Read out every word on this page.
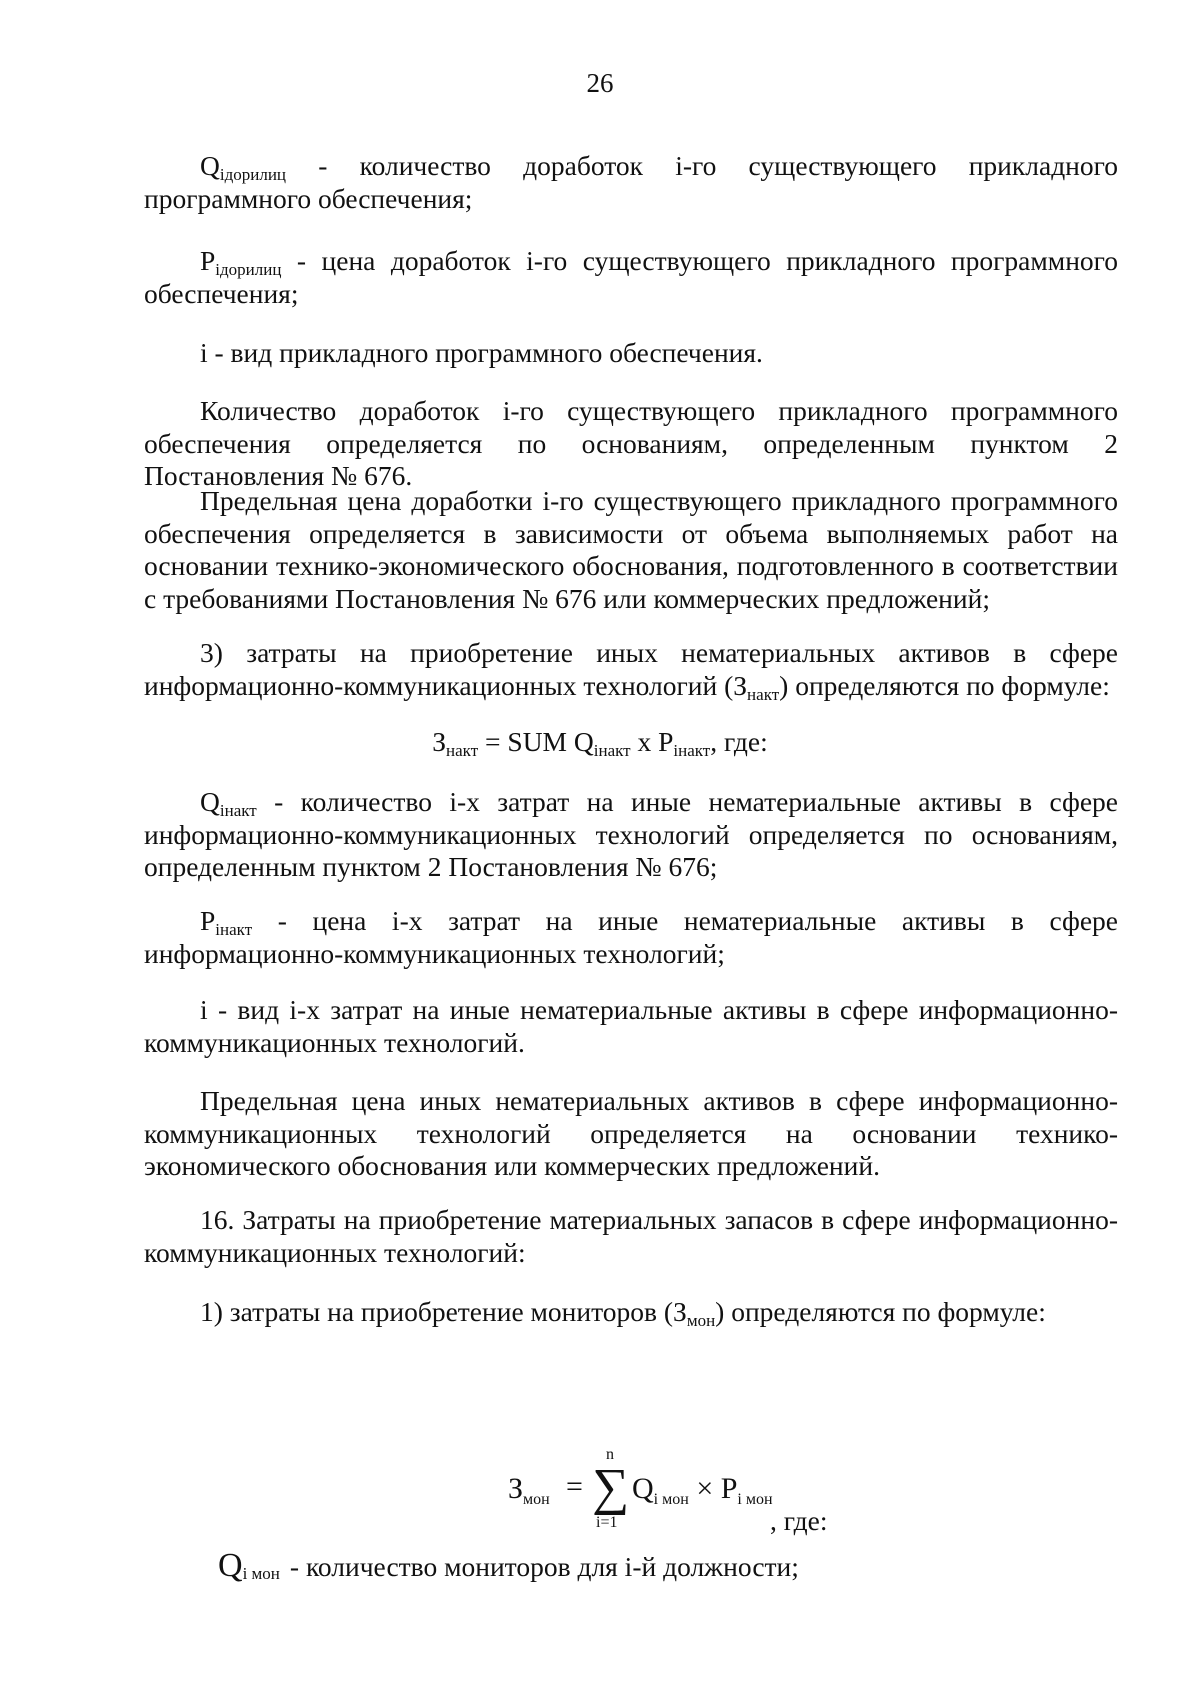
26
$Q_{iдорилиц}$ - количество доработок i-го существующего прикладного программного обеспечения;
$P_{iдорилиц}$ - цена доработок i-го существующего прикладного программного обеспечения;
i - вид прикладного программного обеспечения.
Количество доработок i-го существующего прикладного программного обеспечения определяется по основаниям, определенным пунктом 2 Постановления № 676.
Предельная цена доработки i-го существующего прикладного программного обеспечения определяется в зависимости от объема выполняемых работ на основании технико-экономического обоснования, подготовленного в соответствии с требованиями Постановления № 676 или коммерческих предложений;
3) затраты на приобретение иных нематериальных активов в сфере информационно-коммуникационных технологий $(З_{накт})$ определяются по формуле:
$З_{накт}$ = SUM $Q_{iнакт}$ x $P_{iнакт}$, где:
$Q_{iнакт}$ - количество i-х затрат на иные нематериальные активы в сфере информационно-коммуникационных технологий определяется по основаниям, определенным пунктом 2 Постановления № 676;
$P_{iнакт}$ - цена i-х затрат на иные нематериальные активы в сфере информационно-коммуникационных технологий;
i - вид i-х затрат на иные нематериальные активы в сфере информационно-коммуникационных технологий.
Предельная цена иных нематериальных активов в сфере информационно-коммуникационных технологий определяется на основании технико-экономического обоснования или коммерческих предложений.
16. Затраты на приобретение материальных запасов в сфере информационно-коммуникационных технологий:
1) затраты на приобретение мониторов $(З_{мон})$ определяются по формуле:
$З_{мон}$ =
n
∑
i=1
$Q_{i мон} \times P_{i мон}$
, где:
Qi мон - количество мониторов для i-й должности;
